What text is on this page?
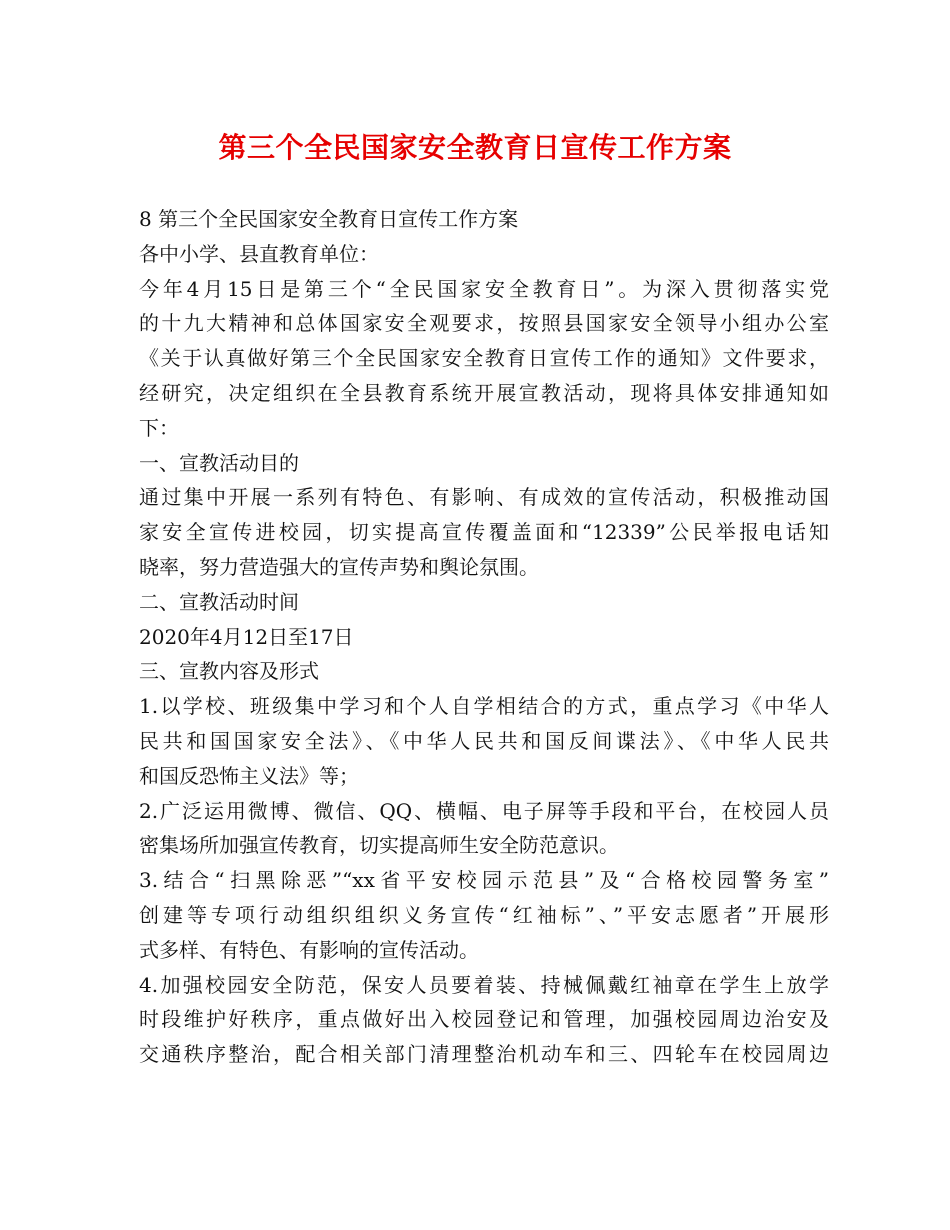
第三个全民国家安全教育日宣传工作方案
8 第三个全民国家安全教育日宣传工作方案
各中小学、县直教育单位：
今年4月15日是第三个“全民国家安全教育日”。为深入贯彻落实党
的十九大精神和总体国家安全观要求，按照县国家安全领导小组办公室
《关于认真做好第三个全民国家安全教育日宣传工作的通知》文件要求，
经研究，决定组织在全县教育系统开展宣教活动，现将具体安排通知如
下：
一、宣教活动目的
通过集中开展一系列有特色、有影响、有成效的宣传活动，积极推动国
家安全宣传进校园，切实提高宣传覆盖面和“12339”公民举报电话知
晓率，努力营造强大的宣传声势和舆论氛围。
二、宣教活动时间
2020年4月12日至17日
三、宣教内容及形式
1.以学校、班级集中学习和个人自学相结合的方式，重点学习《中华人
民共和国国家安全法》、《中华人民共和国反间谍法》、《中华人民共
和国反恐怖主义法》等；
2.广泛运用微博、微信、QQ、横幅、电子屏等手段和平台，在校园人员
密集场所加强宣传教育，切实提高师生安全防范意识。
3.结合“扫黑除恶”“xx省平安校园示范县”及“合格校园警务室”
创建等专项行动组织组织义务宣传“红袖标”、”平安志愿者”开展形
式多样、有特色、有影响的宣传活动。
4.加强校园安全防范，保安人员要着装、持械佩戴红袖章在学生上放学
时段维护好秩序，重点做好出入校园登记和管理，加强校园周边治安及
交通秩序整治，配合相关部门清理整治机动车和三、四轮车在校园周边
